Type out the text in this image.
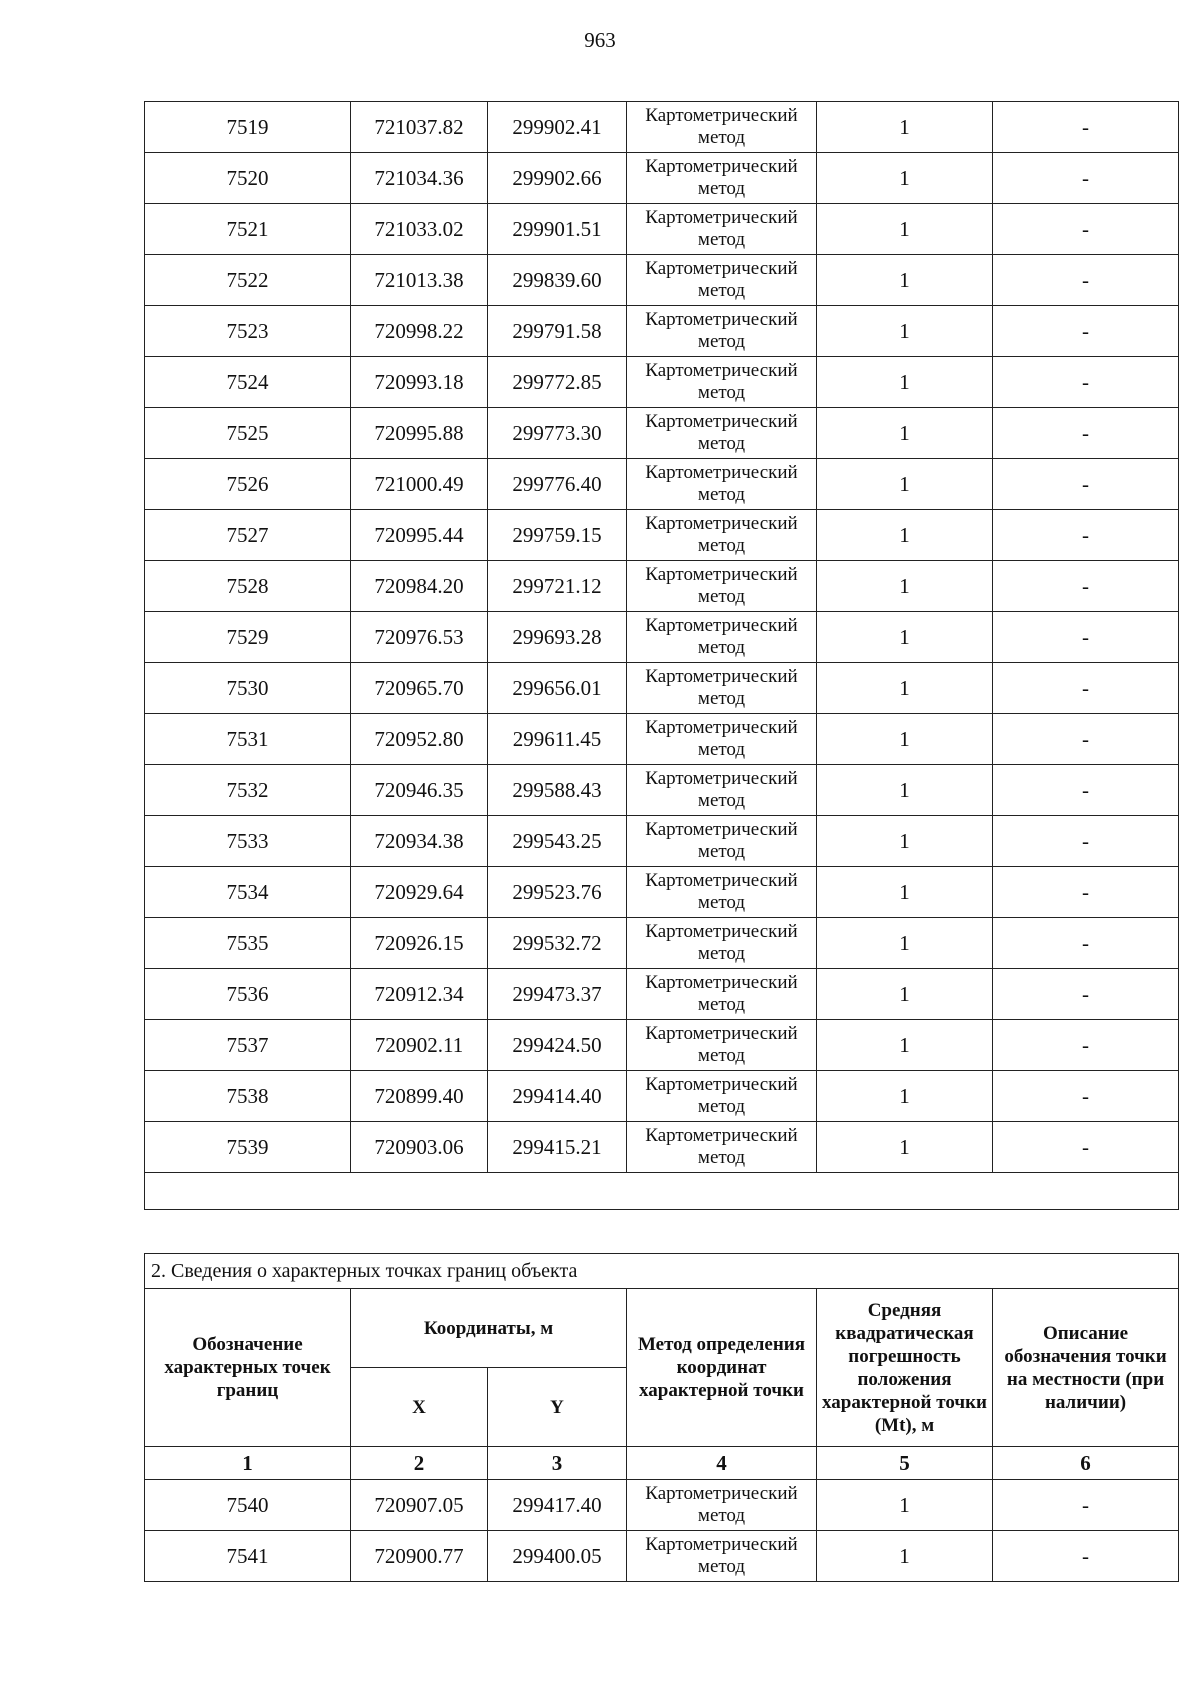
963
7519	721037.82	299902.41	Картометрический метод	1	-
7520	721034.36	299902.66	Картометрический метод	1	-
7521	721033.02	299901.51	Картометрический метод	1	-
7522	721013.38	299839.60	Картометрический метод	1	-
7523	720998.22	299791.58	Картометрический метод	1	-
7524	720993.18	299772.85	Картометрический метод	1	-
7525	720995.88	299773.30	Картометрический метод	1	-
7526	721000.49	299776.40	Картометрический метод	1	-
7527	720995.44	299759.15	Картометрический метод	1	-
7528	720984.20	299721.12	Картометрический метод	1	-
7529	720976.53	299693.28	Картометрический метод	1	-
7530	720965.70	299656.01	Картометрический метод	1	-
7531	720952.80	299611.45	Картометрический метод	1	-
7532	720946.35	299588.43	Картометрический метод	1	-
7533	720934.38	299543.25	Картометрический метод	1	-
7534	720929.64	299523.76	Картометрический метод	1	-
7535	720926.15	299532.72	Картометрический метод	1	-
7536	720912.34	299473.37	Картометрический метод	1	-
7537	720902.11	299424.50	Картометрический метод	1	-
7538	720899.40	299414.40	Картометрический метод	1	-
7539	720903.06	299415.21	Картометрический метод	1	-

2. Сведения о характерных точках границ объекта					
Обозначение характерных точек границ	Координаты, м		Метод определения координат характерной точки	Средняя квадратическая погрешность положения характерной точки (Mt), м	Описание обозначения точки на местности (при наличии)
	X	Y			
1	2	3	4	5	6
7540	720907.05	299417.40	Картометрический метод	1	-
7541	720900.77	299400.05	Картометрический метод	1	-
